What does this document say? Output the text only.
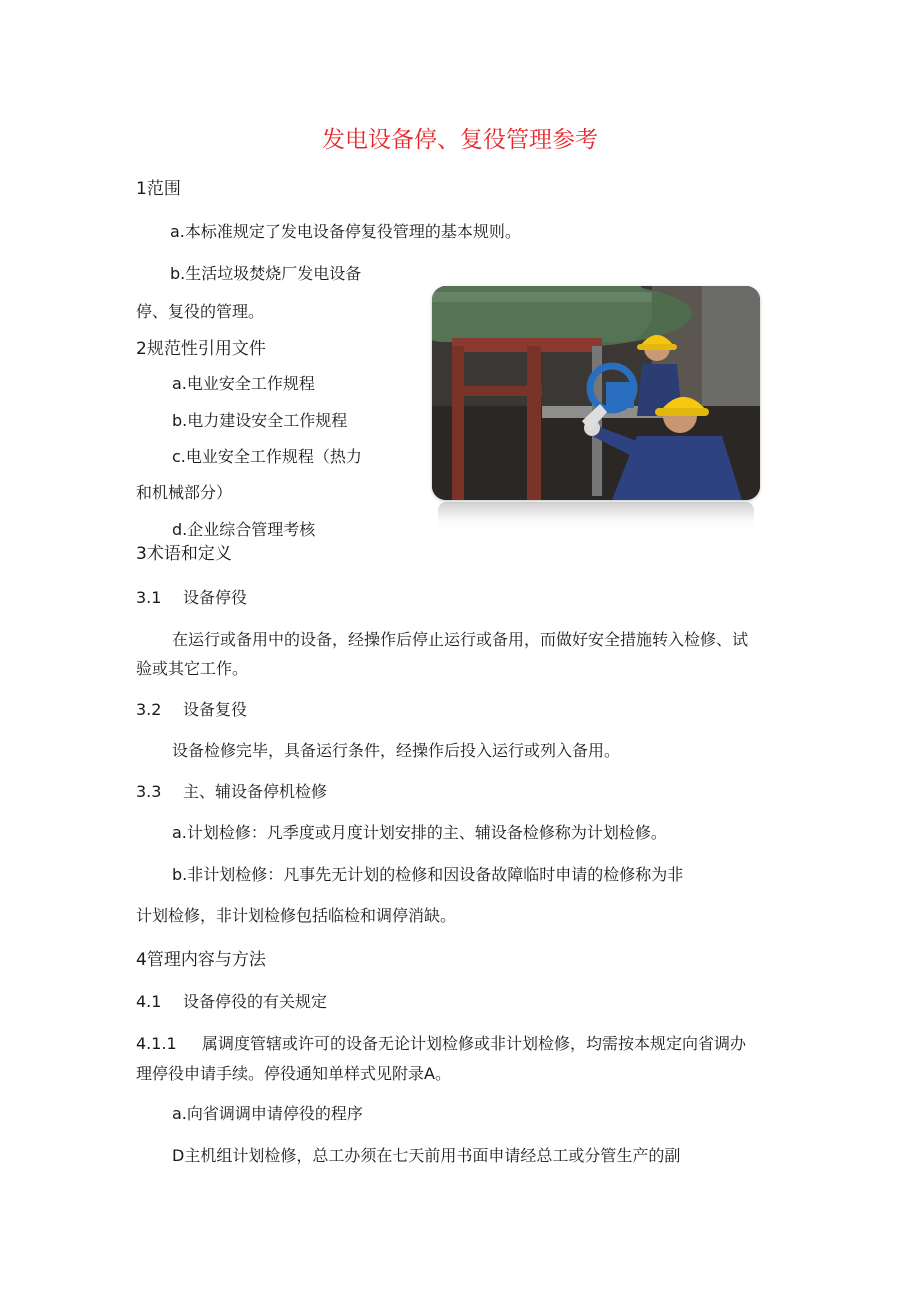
发电设备停、复役管理参考
1范围
a.本标准规定了发电设备停复役管理的基本规则。
b.生活垃圾焚烧厂发电设备
停、复役的管理。
2规范性引用文件
a.电业安全工作规程
b.电力建设安全工作规程
c.电业安全工作规程（热力
和机械部分）
d.企业综合管理考核
3术语和定义
3.1 设备停役
在运行或备用中的设备，经操作后停止运行或备用，而做好安全措施转入检修、试
验或其它工作。
3.2 设备复役
设备检修完毕，具备运行条件，经操作后投入运行或列入备用。
3.3 主、辅设备停机检修
a.计划检修：凡季度或月度计划安排的主、辅设备检修称为计划检修。
b.非计划检修：凡事先无计划的检修和因设备故障临时申请的检修称为非
计划检修，非计划检修包括临检和调停消缺。
4管理内容与方法
4.1 设备停役的有关规定
4.1.1 属调度管辖或许可的设备无论计划检修或非计划检修，均需按本规定向省调办
理停役申请手续。停役通知单样式见附录A。
a.向省调调申请停役的程序
D主机组计划检修，总工办须在七天前用书面申请经总工或分管生产的副
